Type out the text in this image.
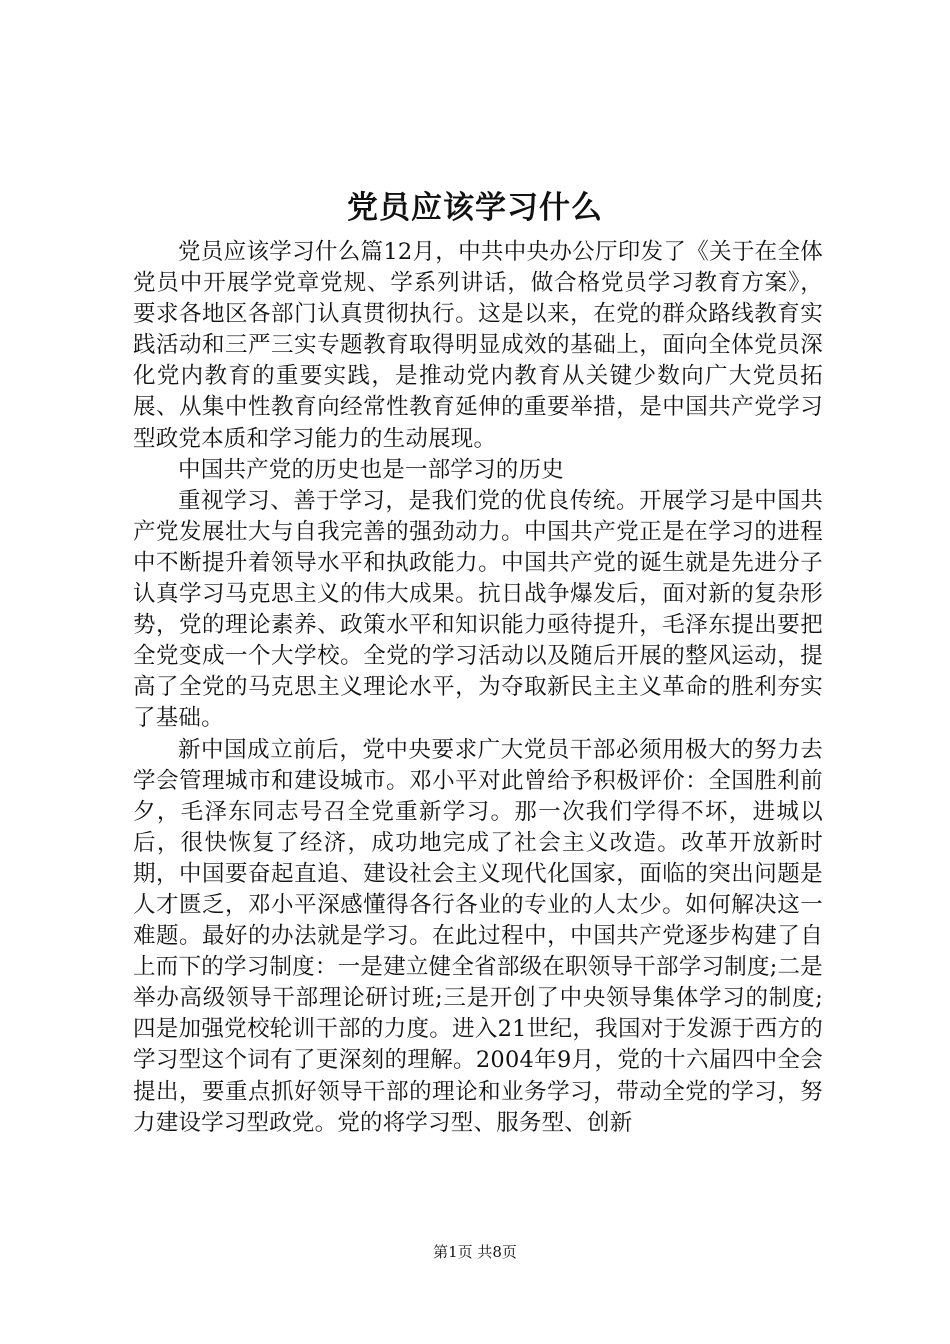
党员应该学习什么

党员应该学习什么篇12月，中共中央办公厅印发了《关于在全体党员中开展学党章党规、学系列讲话，做合格党员学习教育方案》，要求各地区各部门认真贯彻执行。这是以来，在党的群众路线教育实践活动和三严三实专题教育取得明显成效的基础上，面向全体党员深化党内教育的重要实践，是推动党内教育从关键少数向广大党员拓展、从集中性教育向经常性教育延伸的重要举措，是中国共产党学习型政党本质和学习能力的生动展现。

中国共产党的历史也是一部学习的历史

重视学习、善于学习，是我们党的优良传统。开展学习是中国共产党发展壮大与自我完善的强劲动力。中国共产党正是在学习的进程中不断提升着领导水平和执政能力。中国共产党的诞生就是先进分子认真学习马克思主义的伟大成果。抗日战争爆发后，面对新的复杂形势，党的理论素养、政策水平和知识能力亟待提升，毛泽东提出要把全党变成一个大学校。全党的学习活动以及随后开展的整风运动，提高了全党的马克思主义理论水平，为夺取新民主主义革命的胜利夯实了基础。

新中国成立前后，党中央要求广大党员干部必须用极大的努力去学会管理城市和建设城市。邓小平对此曾给予积极评价：全国胜利前夕，毛泽东同志号召全党重新学习。那一次我们学得不坏，进城以后，很快恢复了经济，成功地完成了社会主义改造。改革开放新时期，中国要奋起直追、建设社会主义现代化国家，面临的突出问题是人才匮乏，邓小平深感懂得各行各业的专业的人太少。如何解决这一难题。最好的办法就是学习。在此过程中，中国共产党逐步构建了自上而下的学习制度：一是建立健全省部级在职领导干部学习制度;二是举办高级领导干部理论研讨班;三是开创了中央领导集体学习的制度;四是加强党校轮训干部的力度。进入21世纪，我国对于发源于西方的学习型这个词有了更深刻的理解。2004年9月，党的十六届四中全会提出，要重点抓好领导干部的理论和业务学习，带动全党的学习，努力建设学习型政党。党的将学习型、服务型、创新

第1页 共8页
